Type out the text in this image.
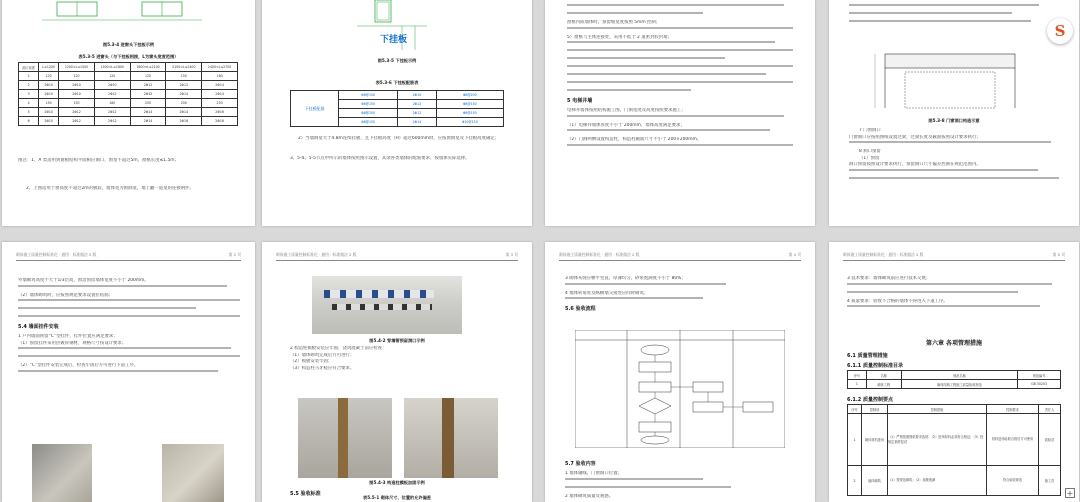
图5.3-4 进窗头下挂板示例
表5.3-5 进窗头（与下挂板相接，L为窗头宽度范围）
洞口宽度	L≤1200	1200<L≤1500	1500<L≤1800	1800<L≤2100	2100<L≤2400	2400<L≤2700
1	120	120	120	120	150	180
2	2Φ10	2Φ10	2Φ10	2Φ12	2Φ12	2Φ14
3	2Φ10	2Φ10	2Φ12	2Φ12	2Φ14	2Φ14
4	150	150	180	200	200	250
5	2Φ10	2Φ12	2Φ12	2Φ14	2Φ14	2Φ16
6	2Φ10	2Φ12	2Φ12	2Φ14	2Φ16	2Φ16
图注：1、A 类适用到窗板结构平面相应洞口，窗宽不超过5m，窗框长度≤1.5m；
2、上图适用于窗高度不超过2m的板段，墙体宽为窗洞宽，墙上翻一道宽的连接钢件。
下挂板
图5.3-5 下挂板示例
表5.3-6 下挂板配筋表
下挂板配筋	Φ6@150	2Φ10	Φ8@200
	Φ6@150	2Φ12	Φ8@150
	Φ8@200	2Φ12	Φ8@150
	Φ8@150	2Φ14	Φ10@150
2）当墙洞宽大于4.8m连续挂板，且下挂板高度（H）超过600mm时，应按窗洞宽及下挂板高度确定；
3、5-4、5-5节点中所示的墙体按照图示设置，其余各类墙体的配筋要求，按墙体实际选择。
窗框内嵌墙体时，预留缝宽度按照 5mm 控制；
5）窗框与主体连接处，采用不低于 2 道密封胶封堵；
5 电梯井墙
电梯井墙体按照结构施工图，门洞宽度及高度按照要求施工；
（1）电梯井墙体厚度不小于 200mm，墙体高度满足要求；
（2）门洞两侧设置构造柱，构造柱截面尺寸不小于 200×200mm。
图5.3-8 门窗洞口构造示意
7 门窗洞口
门窗洞口应按照图纸设置过梁，过梁长度及截面按照设计要求执行；
8 洞口预留
（1）预留
洞口预留按照设计要求执行，预留洞口尺寸偏差控制在规范范围内。
S
砌体施工质量控制标准化 · 通用 · 标准做法 2 版	第 2 页
外墙砌筑高度不大于1/3层高，窗边预留墙体宽度不小于 200mm。
（2）墙体砌筑时，应按照规范要求设置拉结筋；
5.4 墙面挂件安装
1 户内墙面预留“C”型挂件，挂件位置应满足要求；
（1）预留挂件采用热镀锌钢材，规格尺寸按设计要求；
（2）“C”型挂件安装完成后，检查牢固后方可进行下道工序。
砌体施工质量控制标准化 · 通用 · 标准做法 2 版	第 3 页
图5.4-2 穿墙管预留洞口示例
2 构造柱模板安装应牢固，浇筑混凝土前应检查：
（1）墙体砌筑完成后方可进行；
（2）模板安装牢固；
（3）构造柱马牙槎应符合要求。
图5.4-3 构造柱模板加固示例
5.5 验收标准
表5.5-1 砌体尺寸、位置的允许偏差
砌体施工质量控制标准化 · 通用 · 标准做法 2 版	第 4 页
3 砌体灰缝应横平竖直、厚薄均匀，砂浆饱满度不小于 80%；
4 墙体转角处及纵横墙交接处应同时砌筑；
5.6 验收流程
5.7 验收内容
1 墙体轴线、门窗洞口位置；
2 墙体砌筑质量及观感。
砌体施工质量控制标准化 · 通用 · 标准做法 2 版	第 5 页
3 技术要求：墙体砌筑前应进行技术交底；
4 质量要求：验收不合格的墙体不得进入下道工序。
第六章 各项管理措施
6.1 质量管理措施
6.1.1 质量控制标准目录
序号	名称	规范名称	规范编号
1	砌体工程	砌体结构工程施工质量验收规范	GB 50203
6.1.2 质量控制要点
序号	控制项	控制措施	控制要求	责任人
1	砌体材料进场	（1）严格按照图纸要求选材；（2）进场材料必须有合格证；（3）按规定抽样复试	材料进场验收合格后方可使用	质检员
2	墙体砌筑	（1）按规范砌筑；（2）灰缝饱满	符合验收规范	施工员
+
